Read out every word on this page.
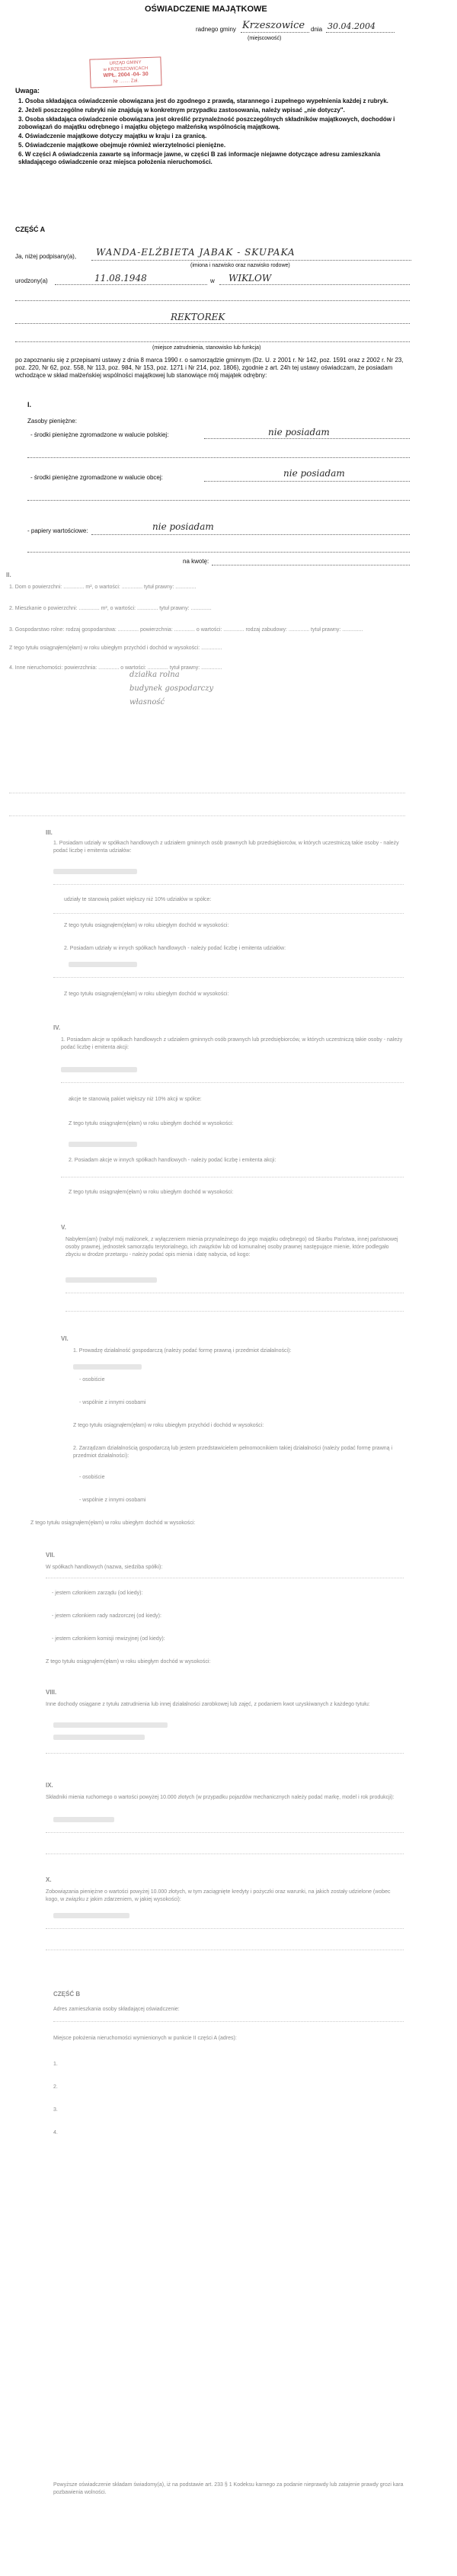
OŚWIADCZENIE MAJĄTKOWE
radnego gminy Krzeszowice dnia 30.04.2004
(miejscowość)
URZĄD GMINY
w KRZESZOWICACH
WPŁ. 2004 -04- 30
Nr ........ Zał.
Uwaga:
1. Osoba składająca oświadczenie obowiązana jest do zgodnego z prawdą, starannego i zupełnego wypełnienia każdej z rubryk.
2. Jeżeli poszczególne rubryki nie znajdują w konkretnym przypadku zastosowania, należy wpisać „nie dotyczy".
3. Osoba składająca oświadczenie obowiązana jest określić przynależność poszczególnych składników majątkowych, dochodów i zobowiązań do majątku odrębnego i majątku objętego małżeńską wspólnością majątkową.
4. Oświadczenie majątkowe dotyczy majątku w kraju i za granicą.
5. Oświadczenie majątkowe obejmuje również wierzytelności pieniężne.
6. W części A oświadczenia zawarte są informacje jawne, w części B zaś informacje niejawne dotyczące adresu zamieszkania składającego oświadczenie oraz miejsca położenia nieruchomości.
CZĘŚĆ A
Ja, niżej podpisany(a), WANDA-ELŻBIETA JABAK - SKUPAKA
(imiona i nazwisko oraz nazwisko rodowe)
urodzony(a)	11.08.1948	w WIKLOW
REKTOREK
(miejsce zatrudnienia, stanowisko lub funkcja)
po zapoznaniu się z przepisami ustawy z dnia 8 marca 1990 r. o samorządzie gminnym (Dz. U. z 2001 r. Nr 142, poz. 1591 oraz z 2002 r. Nr 23, poz. 220, Nr 62, poz. 558, Nr 113, poz. 984, Nr 153, poz. 1271 i Nr 214, poz. 1806), zgodnie z art. 24h tej ustawy oświadczam, że posiadam wchodzące w skład małżeńskiej wspólności majątkowej lub stanowiące mój majątek odrębny:
I.
Zasoby pieniężne:
- środki pieniężne zgromadzone w walucie polskiej:	nie posiadam
- środki pieniężne zgromadzone w walucie obcej:	nie posiadam
- papiery wartościowe:	nie posiadam
na kwotę:
II.
1. Dom o powierzchni: .............. m², o wartości: .............. tytuł prawny: ..............
2. Mieszkanie o powierzchni: .............. m², o wartości: .............. tytuł prawny: ..............
3. Gospodarstwo rolne: rodzaj gospodarstwa: .............. powierzchnia: .............. o wartości: .............. rodzaj zabudowy: .............. tytuł prawny: ..............
Z tego tytułu osiągnąłem(ęłam) w roku ubiegłym przychód i dochód w wysokości: ..............
4. Inne nieruchomości: powierzchnia: .............. o wartości: .............. tytuł prawny: ..............
działka rolna
budynek gospodarczy
własność
III.
1. Posiadam udziały w spółkach handlowych z udziałem gminnych osób prawnych lub przedsiębiorców, w których uczestniczą takie osoby - należy podać liczbę i emitenta udziałów:
udziały te stanowią pakiet większy niż 10% udziałów w spółce:
Z tego tytułu osiągnąłem(ęłam) w roku ubiegłym dochód w wysokości:
2. Posiadam udziały w innych spółkach handlowych - należy podać liczbę i emitenta udziałów:
Z tego tytułu osiągnąłem(ęłam) w roku ubiegłym dochód w wysokości:
IV.
1. Posiadam akcje w spółkach handlowych z udziałem gminnych osób prawnych lub przedsiębiorców, w których uczestniczą takie osoby - należy podać liczbę i emitenta akcji:
akcje te stanowią pakiet większy niż 10% akcji w spółce:
Z tego tytułu osiągnąłem(ęłam) w roku ubiegłym dochód w wysokości:
2. Posiadam akcje w innych spółkach handlowych - należy podać liczbę i emitenta akcji:
Z tego tytułu osiągnąłem(ęłam) w roku ubiegłym dochód w wysokości:
V.
Nabyłem(am) (nabył mój małżonek, z wyłączeniem mienia przynależnego do jego majątku odrębnego) od Skarbu Państwa, innej państwowej osoby prawnej, jednostek samorządu terytorialnego, ich związków lub od komunalnej osoby prawnej następujące mienie, które podlegało zbyciu w drodze przetargu - należy podać opis mienia i datę nabycia, od kogo:
VI.
1. Prowadzę działalność gospodarczą (należy podać formę prawną i przedmiot działalności):
- osobiście
- wspólnie z innymi osobami
Z tego tytułu osiągnąłem(ęłam) w roku ubiegłym przychód i dochód w wysokości:
2. Zarządzam działalnością gospodarczą lub jestem przedstawicielem pełnomocnikiem takiej działalności (należy podać formę prawną i przedmiot działalności):
- osobiście
- wspólnie z innymi osobami
Z tego tytułu osiągnąłem(ęłam) w roku ubiegłym dochód w wysokości:
VII.
W spółkach handlowych (nazwa, siedziba spółki):
- jestem członkiem zarządu (od kiedy):
- jestem członkiem rady nadzorczej (od kiedy):
- jestem członkiem komisji rewizyjnej (od kiedy):
Z tego tytułu osiągnąłem(ęłam) w roku ubiegłym dochód w wysokości:
VIII.
Inne dochody osiągane z tytułu zatrudnienia lub innej działalności zarobkowej lub zajęć, z podaniem kwot uzyskiwanych z każdego tytułu:
IX.
Składniki mienia ruchomego o wartości powyżej 10.000 złotych (w przypadku pojazdów mechanicznych należy podać markę, model i rok produkcji):
X.
Zobowiązania pieniężne o wartości powyżej 10.000 złotych, w tym zaciągnięte kredyty i pożyczki oraz warunki, na jakich zostały udzielone (wobec kogo, w związku z jakim zdarzeniem, w jakiej wysokości):
CZĘŚĆ B
Adres zamieszkania osoby składającej oświadczenie:
Miejsce położenia nieruchomości wymienionych w punkcie II części A (adres):
1.
2.
3.
4.
Powyższe oświadczenie składam świadomy(a), iż na podstawie art. 233 § 1 Kodeksu karnego za podanie nieprawdy lub zatajenie prawdy grozi kara pozbawienia wolności.
